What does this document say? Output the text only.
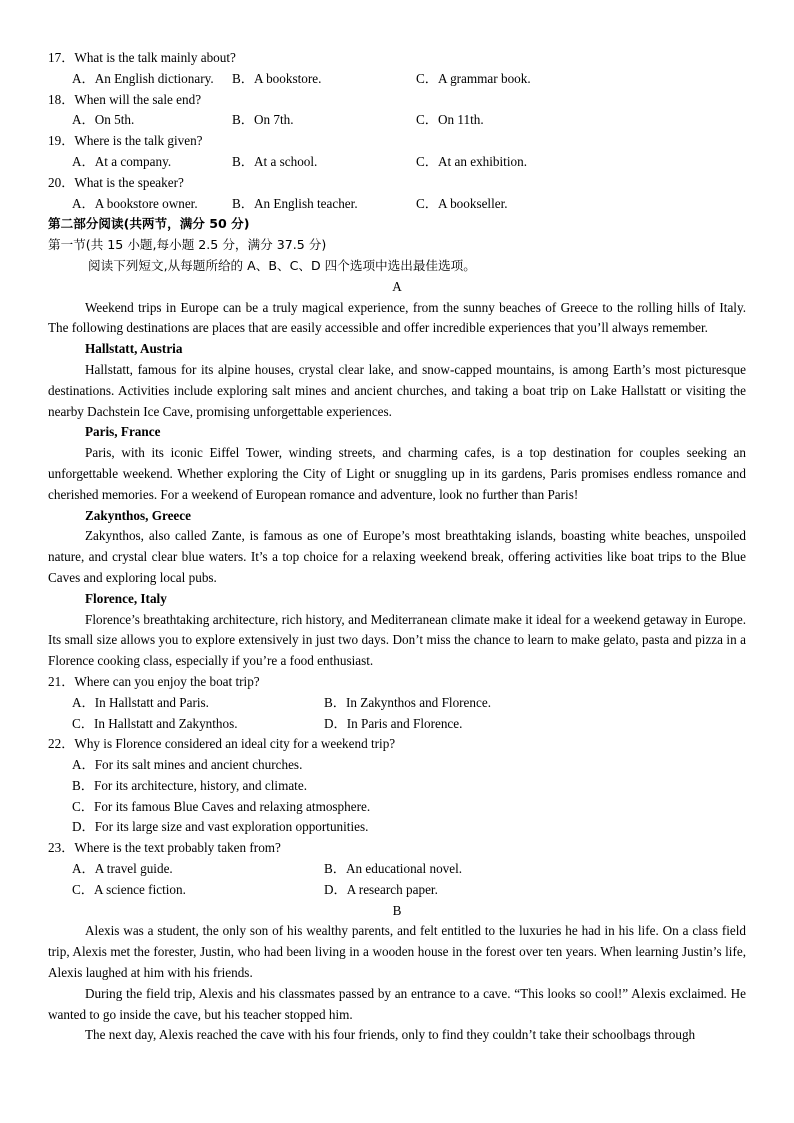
17．What is the talk mainly about?
A．An English dictionary. B．A bookstore.	C．A grammar book.
18．When will the sale end?
A．On 5th.	B．On 7th.	C．On 11th.
19．Where is the talk given?
A．At a company.	B．At a school.	C．At an exhibition.
20．What is the speaker?
A．A bookstore owner.	B．An English teacher.	C．A bookseller.
第二部分阅读(共两节，满分 50 分)
第一节(共 15 小题,每小题 2.5 分，满分 37.5 分)
阅读下列短文,从每题所给的 A、B、C、D 四个选项中选出最佳选项。
A

Weekend trips in Europe can be a truly magical experience, from the sunny beaches of Greece to the rolling hills of Italy. The following destinations are places that are easily accessible and offer incredible experiences that you’ll always remember.

Hallstatt, Austria

Hallstatt, famous for its alpine houses, crystal clear lake, and snow-capped mountains, is among Earth’s most picturesque destinations. Activities include exploring salt mines and ancient churches, and taking a boat trip on Lake Hallstatt or visiting the nearby Dachstein Ice Cave, promising unforgettable experiences.

Paris, France

Paris, with its iconic Eiffel Tower, winding streets, and charming cafes, is a top destination for couples seeking an unforgettable weekend. Whether exploring the City of Light or snuggling up in its gardens, Paris promises endless romance and cherished memories. For a weekend of European romance and adventure, look no further than Paris!

Zakynthos, Greece

Zakynthos, also called Zante, is famous as one of Europe’s most breathtaking islands, boasting white beaches, unspoiled nature, and crystal clear blue waters. It’s a top choice for a relaxing weekend break, offering activities like boat trips to the Blue Caves and exploring local pubs.

Florence, Italy

Florence’s breathtaking architecture, rich history, and Mediterranean climate make it ideal for a weekend getaway in Europe. Its small size allows you to explore extensively in just two days. Don’t miss the chance to learn to make gelato, pasta and pizza in a Florence cooking class, especially if you’re a food enthusiast.

21．Where can you enjoy the boat trip?
A．In Hallstatt and Paris.	B．In Zakynthos and Florence.
C．In Hallstatt and Zakynthos.	D．In Paris and Florence.
22．Why is Florence considered an ideal city for a weekend trip?
A．For its salt mines and ancient churches.
B．For its architecture, history, and climate.
C．For its famous Blue Caves and relaxing atmosphere.
D．For its large size and vast exploration opportunities.
23．Where is the text probably taken from?
A．A travel guide.	B．An educational novel.
C．A science fiction.	D．A research paper.
B

Alexis was a student, the only son of his wealthy parents, and felt entitled to the luxuries he had in his life. On a class field trip, Alexis met the forester, Justin, who had been living in a wooden house in the forest over ten years. When learning Justin’s life, Alexis laughed at him with his friends.

During the field trip, Alexis and his classmates passed by an entrance to a cave. “This looks so cool!” Alexis exclaimed. He wanted to go inside the cave, but his teacher stopped him.

The next day, Alexis reached the cave with his four friends, only to find they couldn’t take their schoolbags through
